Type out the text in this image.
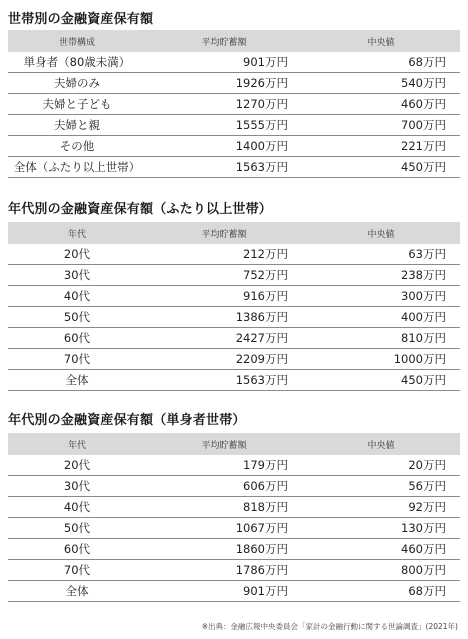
世帯別の金融資産保有額
世帯構成	平均貯蓄額	中央値
単身者（80歳未満）	901万円	68万円
夫婦のみ	1926万円	540万円
夫婦と子ども	1270万円	460万円
夫婦と親	1555万円	700万円
その他	1400万円	221万円
全体（ふたり以上世帯）	1563万円	450万円
年代別の金融資産保有額（ふたり以上世帯）
年代	平均貯蓄額	中央値
20代	212万円	63万円
30代	752万円	238万円
40代	916万円	300万円
50代	1386万円	400万円
60代	2427万円	810万円
70代	2209万円	1000万円
全体	1563万円	450万円
年代別の金融資産保有額（単身者世帯）
年代	平均貯蓄額	中央値
20代	179万円	20万円
30代	606万円	56万円
40代	818万円	92万円
50代	1067万円	130万円
60代	1860万円	460万円
70代	1786万円	800万円
全体	901万円	68万円
※出典：金融広報中央委員会「家計の金融行動に関する世論調査」(2021年)
